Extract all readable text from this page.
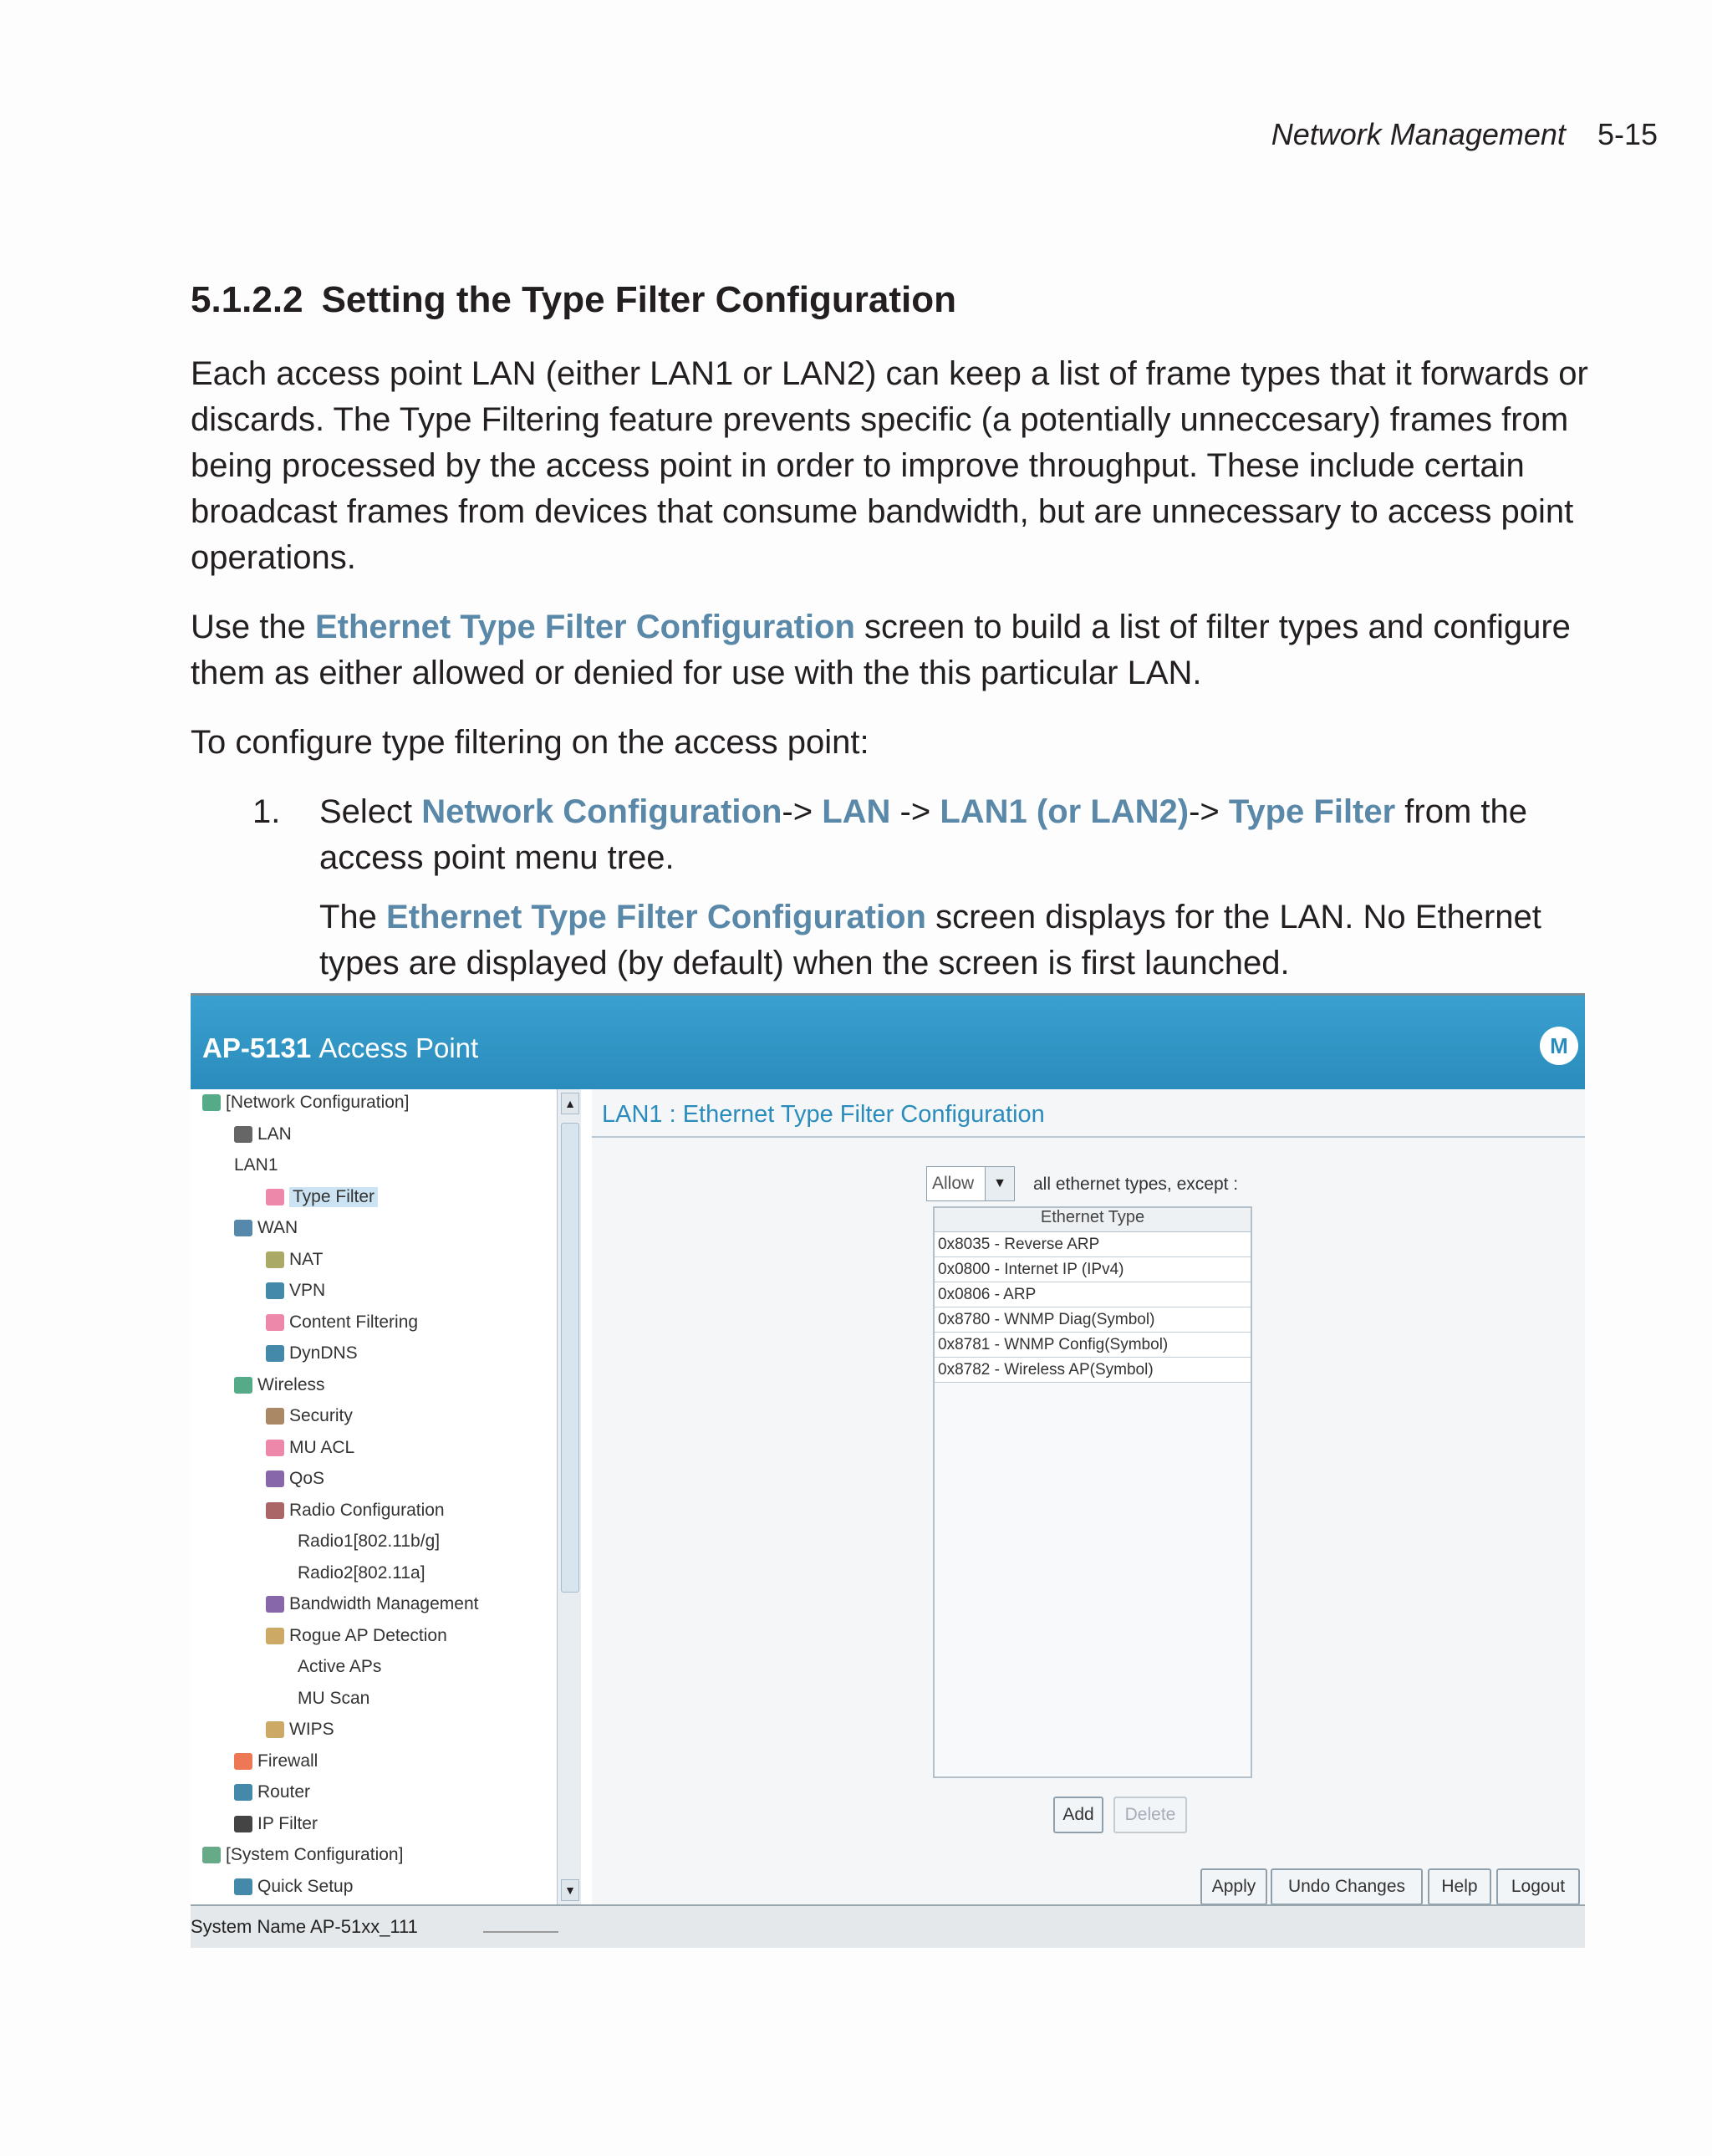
Network Management 5-15
5.1.2.2 Setting the Type Filter Configuration

Each access point LAN (either LAN1 or LAN2) can keep a list of frame types that it forwards or discards. The Type Filtering feature prevents specific (a potentially unneccesary) frames from being processed by the access point in order to improve throughput. These include certain broadcast frames from devices that consume bandwidth, but are unnecessary to access point operations.

Use the Ethernet Type Filter Configuration screen to build a list of filter types and configure them as either allowed or denied for use with the this particular LAN.

To configure type filtering on the access point:

1.	Select Network Configuration-> LAN -> LAN1 (or LAN2)-> Type Filter from the access point menu tree.

The Ethernet Type Filter Configuration screen displays for the LAN. No Ethernet types are displayed (by default) when the screen is first launched.

AP-5131 Access Point	M
[Network Configuration]
LAN
LAN1
Type Filter
WAN
NAT
VPN
Content Filtering
DynDNS
Wireless
Security
MU ACL
QoS
Radio Configuration
Radio1[802.11b/g]
Radio2[802.11a]
Bandwidth Management
Rogue AP Detection
Active APs
MU Scan
WIPS
Firewall
Router
IP Filter
[System Configuration]
Quick Setup
▲
▼
LAN1 : Ethernet Type Filter Configuration
Allow	▼	all ethernet types, except :
Ethernet Type
0x8035 - Reverse ARP
0x0800 - Internet IP (IPv4)
0x0806 - ARP
0x8780 - WNMP Diag(Symbol)
0x8781 - WNMP Config(Symbol)
0x8782 - Wireless AP(Symbol)
Add	Delete
Apply	Undo Changes	Help	Logout
System Name AP-51xx_111
